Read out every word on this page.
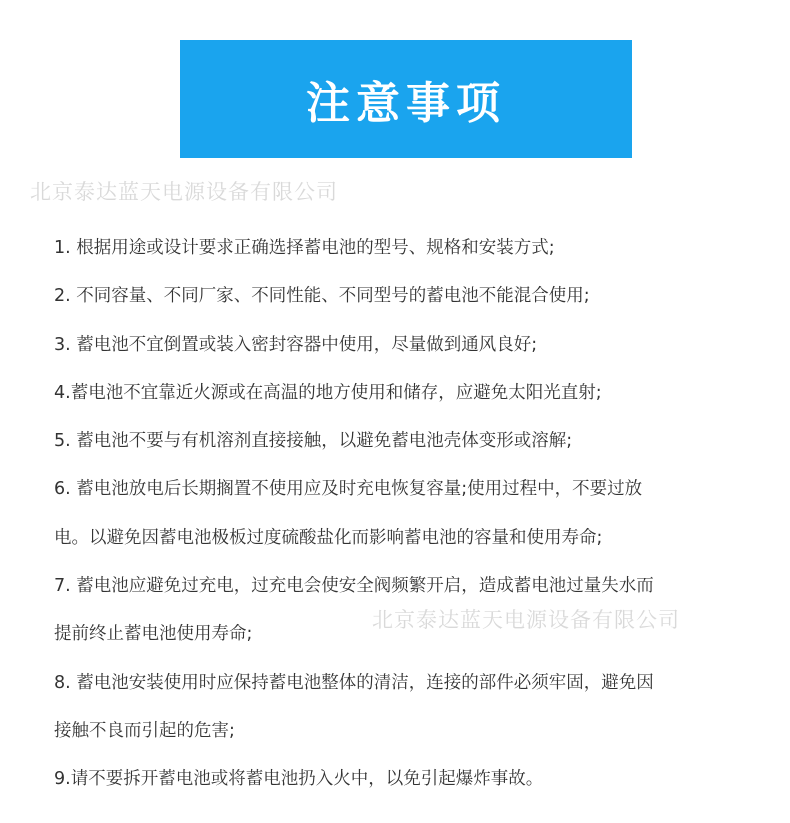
注意事项
北京泰达蓝天电源设备有限公司
北京泰达蓝天电源设备有限公司
1. 根据用途或设计要求正确选择蓄电池的型号、规格和安装方式;
2. 不同容量、不同厂家、不同性能、不同型号的蓄电池不能混合使用;
3. 蓄电池不宜倒置或装入密封容器中使用，尽量做到通风良好;
4.蓄电池不宜靠近火源或在高温的地方使用和储存，应避免太阳光直射;
5. 蓄电池不要与有机溶剂直接接触，以避免蓄电池壳体变形或溶解;
6. 蓄电池放电后长期搁置不使用应及时充电恢复容量;使用过程中，不要过放
电。以避免因蓄电池极板过度硫酸盐化而影响蓄电池的容量和使用寿命;
7. 蓄电池应避免过充电，过充电会使安全阀频繁开启，造成蓄电池过量失水而
提前终止蓄电池使用寿命;
8. 蓄电池安装使用时应保持蓄电池整体的清洁，连接的部件必须牢固，避免因
接触不良而引起的危害;
9.请不要拆开蓄电池或将蓄电池扔入火中，以免引起爆炸事故。
